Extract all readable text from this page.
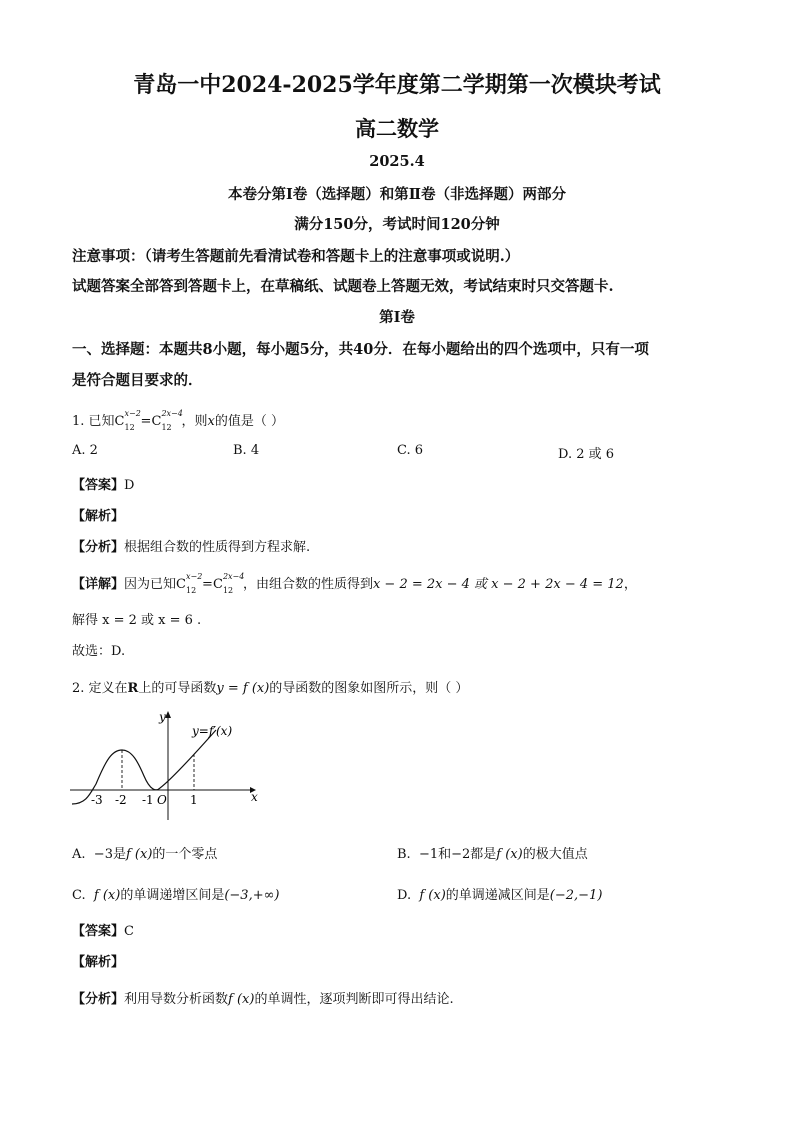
青岛一中2024-2025学年度第二学期第一次模块考试
高二数学
2025.4
本卷分第Ⅰ卷（选择题）和第Ⅱ卷（非选择题）两部分
满分150分，考试时间120分钟
注意事项：（请考生答题前先看清试卷和答题卡上的注意事项或说明.）
试题答案全部答到答题卡上，在草稿纸、试题卷上答题无效，考试结束时只交答题卡.
第Ⅰ卷
一、选择题：本题共8小题，每小题5分，共40分．在每小题给出的四个选项中，只有一项
是符合题目要求的．
1. 已知C
x−2
12 =C
2x−4
12 ，则x的值是（ ）
A. 2	B. 4	C. 6	D. 2 或 6
【答案】D
【解析】
【分析】根据组合数的性质得到方程求解.
【详解】因为已知C
x−2
12 =C
2x−4
12 ，由组合数的性质得到x − 2 = 2x − 4 或 x − 2 + 2x − 4 = 12，
解得 x = 2 或 x = 6 .
故选：D.
2. 定义在R上的可导函数y = f (x)的导函数的图象如图所示，则（ ）
y
y=f′(x)
x
O
-3 -2 -1	1
A. −3是f (x)的一个零点	B. −1和−2都是f (x)的极大值点
C. f (x)的单调递增区间是(−3,+∞)	D. f (x)的单调递减区间是(−2,−1)
【答案】C
【解析】
【分析】利用导数分析函数f (x)的单调性，逐项判断即可得出结论.
